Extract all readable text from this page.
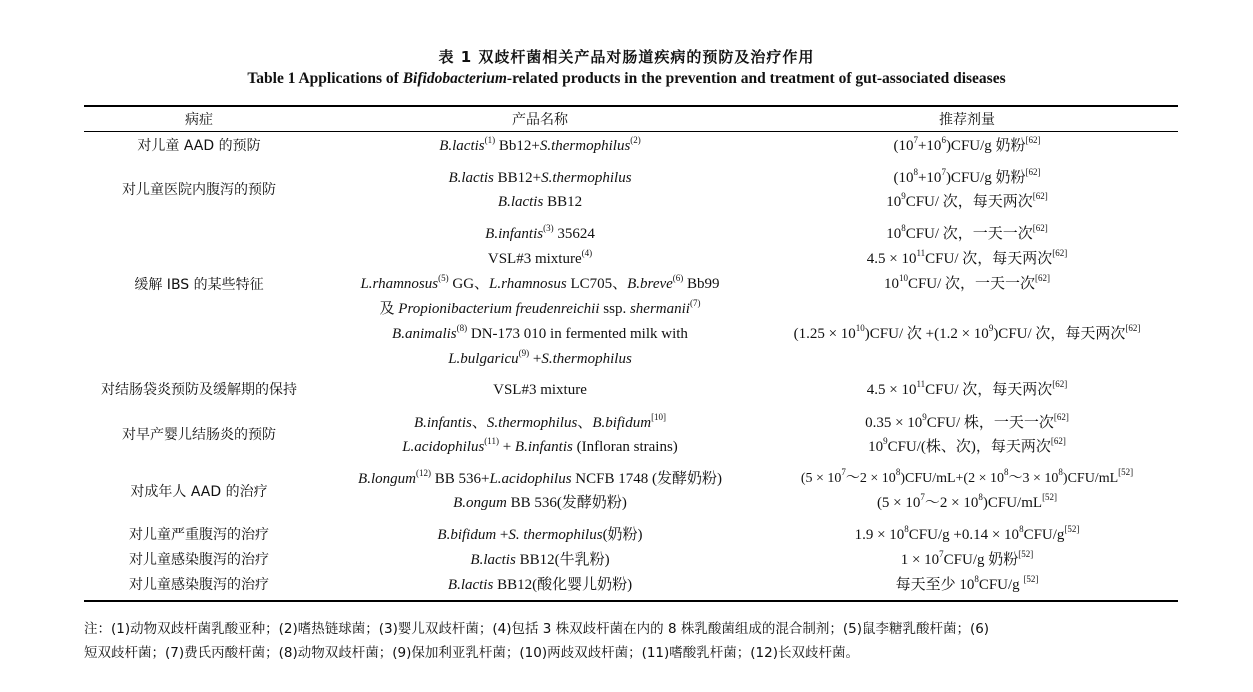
表 1 双歧杆菌相关产品对肠道疾病的预防及治疗作用
Table 1 Applications of Bifidobacterium-related products in the prevention and treatment of gut-associated diseases
病症	产品名称	推荐剂量
对儿童 AAD 的预防
对儿童医院内腹泻的预防
缓解 IBS 的某些特征
对结肠袋炎预防及缓解期的保持
对早产婴儿结肠炎的预防
对成年人 AAD 的治疗
对儿童严重腹泻的治疗
对儿童感染腹泻的治疗
对儿童感染腹泻的治疗
B.lactis$^{(1)}$ Bb12+S.thermophilus$^{(2)}$
B.lactis BB12+S.thermophilus
B.lactis BB12
B.infantis$^{(3)}$ 35624
VSL#3 mixture$^{(4)}$
L.rhamnosus$^{(5)}$ GG、L.rhamnosus LC705、B.breve$^{(6)}$ Bb99
及 Propionibacterium freudenreichii ssp. shermanii$^{(7)}$
B.animalis$^{(8)}$ DN-173 010 in fermented milk with
L.bulgaricu$^{(9)}$ +S.thermophilus
VSL#3 mixture
B.infantis、S.thermophilus、B.bifidum[10]
L.acidophilus$^{(11)}$ + B.infantis (Infloran strains)
B.longum$^{(12)}$ BB 536+L.acidophilus NCFB 1748 (发酵奶粉)
B.ongum BB 536(发酵奶粉)
B.bifidum +S. thermophilus(奶粉)
B.lactis BB12(牛乳粉)
B.lactis BB12(酸化婴儿奶粉)
$(10^7+10^6)CFU/g$ 奶粉[62]
$(10^8+10^7)CFU/g$ 奶粉[62]
$10^9CFU/$ 次，每天两次[62]
$10^8CFU/$ 次，一天一次[62]
$4.5 \times 10^{11}CFU/$ 次，每天两次[62]
$10^{10}CFU/$ 次，一天一次[62]
$(1.25 \times 10^{10})CFU/$ 次 $+(1.2 \times 10^9)CFU/$ 次，每天两次[62]
$4.5 \times 10^{11}CFU/$ 次，每天两次[62]
$0.35 \times 10^9CFU/$ 株，一天一次[62]
$10^9CFU/$(株、次)，每天两次[62]
$(5 \times 10^7\sim 2 \times 10^8)CFU/mL+(2$ × $10^8\sim 3 \times 10^8)CFU/mL[52]$
$(5 \times 10^7\sim 2 \times 10^8)CFU/mL[52]$
$1.9 \times 10^8CFU/g +0.14 \times 10^8CFU/g[52]$
$1 \times 10^7CFU/g$ 奶粉[52]
每天至少 $10^8CFU/g$ [52]
注：(1)动物双歧杆菌乳酸亚种；(2)嗜热链球菌；(3)婴儿双歧杆菌；(4)包括 3 株双歧杆菌在内的 8 株乳酸菌组成的混合制剂；(5)鼠李糖乳酸杆菌；(6)
短双歧杆菌；(7)费氏丙酸杆菌；(8)动物双歧杆菌；(9)保加利亚乳杆菌；(10)两歧双歧杆菌；(11)嗜酸乳杆菌；(12)长双歧杆菌。
